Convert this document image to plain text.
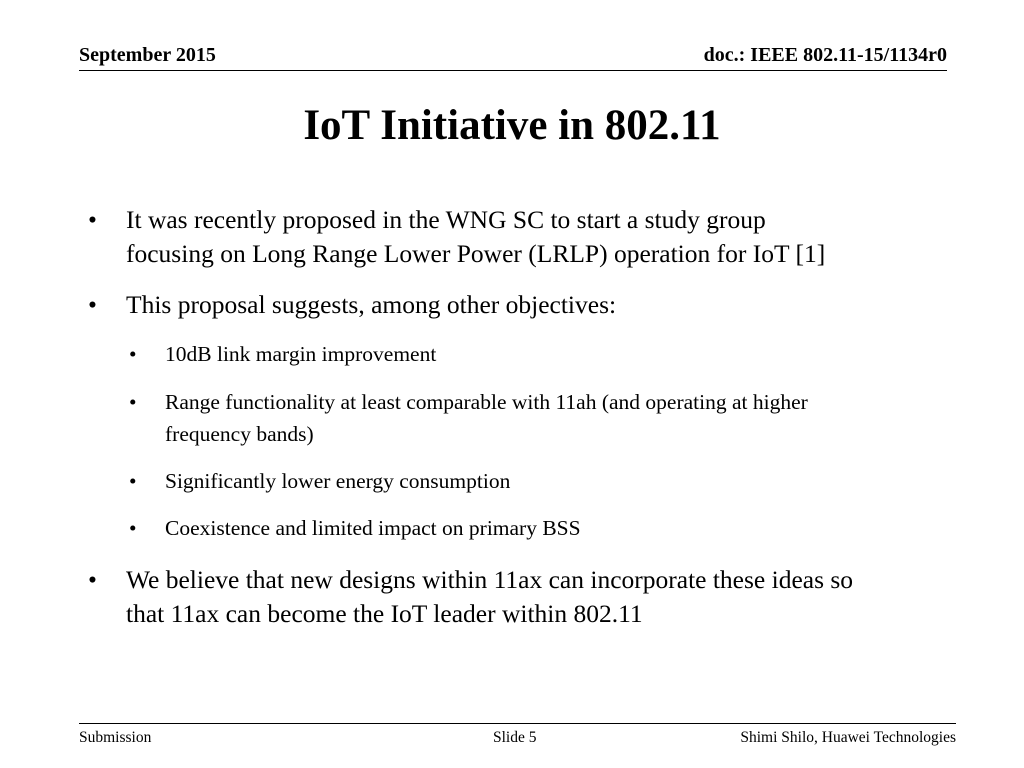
September 2015	doc.: IEEE 802.11-15/1134r0
IoT Initiative in 802.11
• It was recently proposed in the WNG SC to start a study group
focusing on Long Range Lower Power (LRLP) operation for IoT [1]
• This proposal suggests, among other objectives:
• 10dB link margin improvement
• Range functionality at least comparable with 11ah (and operating at higher
frequency bands)
• Significantly lower energy consumption
• Coexistence and limited impact on primary BSS
• We believe that new designs within 11ax can incorporate these ideas so
that 11ax can become the IoT leader within 802.11
Submission	Slide 5	Shimi Shilo, Huawei Technologies
